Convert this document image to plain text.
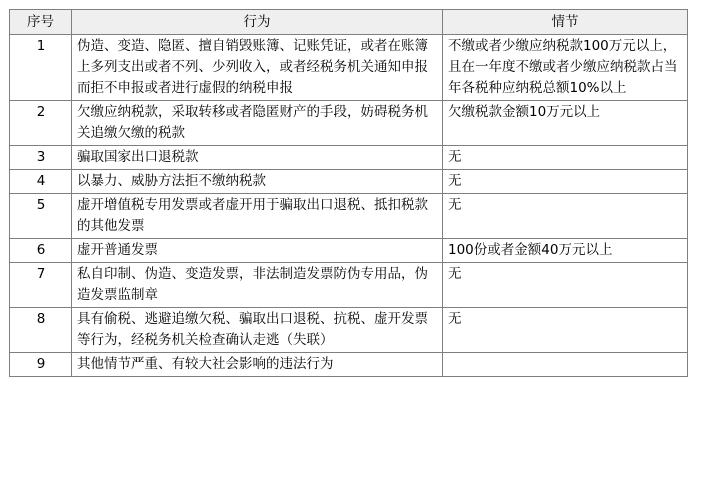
序号	行为	情节
1	伪造、变造、隐匿、擅自销毁账簿、记账凭证，或者在账簿上多列支出或者不列、少列收入，或者经税务机关通知申报而拒不申报或者进行虚假的纳税申报	不缴或者少缴应纳税款100万元以上，且在一年度不缴或者少缴应纳税款占当年各税种应纳税总额10%以上
2	欠缴应纳税款，采取转移或者隐匿财产的手段，妨碍税务机关追缴欠缴的税款	欠缴税款金额10万元以上
3	骗取国家出口退税款	无
4	以暴力、威胁方法拒不缴纳税款	无
5	虚开增值税专用发票或者虚开用于骗取出口退税、抵扣税款的其他发票	无
6	虚开普通发票	100份或者金额40万元以上
7	私自印制、伪造、变造发票，非法制造发票防伪专用品，伪造发票监制章	无
8	具有偷税、逃避追缴欠税、骗取出口退税、抗税、虚开发票等行为，经税务机关检查确认走逃（失联）	无
9	其他情节严重、有较大社会影响的违法行为	
